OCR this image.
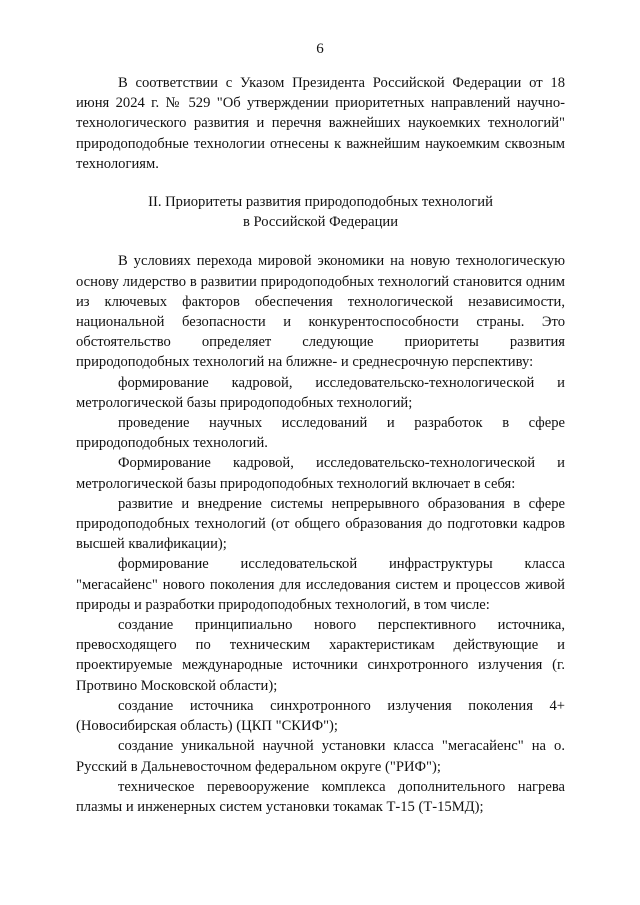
6

В соответствии с Указом Президента Российской Федерации от 18 июня 2024 г. № 529 "Об утверждении приоритетных направлений научно-технологического развития и перечня важнейших наукоемких технологий" природоподобные технологии отнесены к важнейшим наукоемким сквозным технологиям.

II. Приоритеты развития природоподобных технологий
в Российской Федерации

В условиях перехода мировой экономики на новую технологическую основу лидерство в развитии природоподобных технологий становится одним из ключевых факторов обеспечения технологической независимости, национальной безопасности и конкурентоспособности страны. Это обстоятельство определяет следующие приоритеты развития природоподобных технологий на ближне- и среднесрочную перспективу:

формирование кадровой, исследовательско-технологической и метрологической базы природоподобных технологий;

проведение научных исследований и разработок в сфере природоподобных технологий.

Формирование кадровой, исследовательско-технологической и метрологической базы природоподобных технологий включает в себя:

развитие и внедрение системы непрерывного образования в сфере природоподобных технологий (от общего образования до подготовки кадров высшей квалификации);

формирование исследовательской инфраструктуры класса "мегасайенс" нового поколения для исследования систем и процессов живой природы и разработки природоподобных технологий, в том числе:

создание принципиально нового перспективного источника, превосходящего по техническим характеристикам действующие и проектируемые международные источники синхротронного излучения (г. Протвино Московской области);

создание источника синхротронного излучения поколения 4+ (Новосибирская область) (ЦКП "СКИФ");

создание уникальной научной установки класса "мегасайенс" на о. Русский в Дальневосточном федеральном округе ("РИФ");

техническое перевооружение комплекса дополнительного нагрева плазмы и инженерных систем установки токамак Т-15 (Т-15МД);
